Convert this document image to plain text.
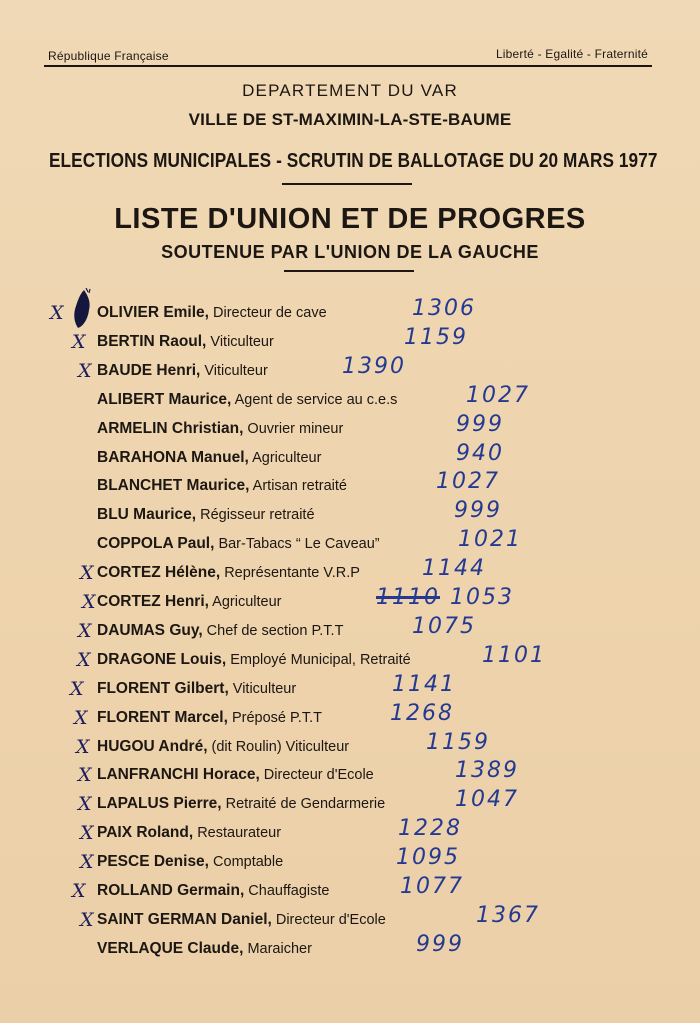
République Française	Liberté - Egalité - Fraternité
DEPARTEMENT DU VAR
VILLE DE ST-MAXIMIN-LA-STE-BAUME
ELECTIONS MUNICIPALES - SCRUTIN DE BALLOTAGE DU 20 MARS 1977
LISTE D'UNION ET DE PROGRES
SOUTENUE PAR L'UNION DE LA GAUCHE
X OLIVIER Emile, Directeur de cave	1306
X BERTIN Raoul, Viticulteur	1159
X BAUDE Henri, Viticulteur	1390
ALIBERT Maurice, Agent de service au c.e.s	1027
ARMELIN Christian, Ouvrier mineur	999
BARAHONA Manuel, Agriculteur	940
BLANCHET Maurice, Artisan retraité	1027
BLU Maurice, Régisseur retraité	999
COPPOLA Paul, Bar-Tabacs “ Le Caveau”	1021
X CORTEZ Hélène, Représentante V.R.P	1144
X CORTEZ Henri, Agriculteur	1110 1053
X DAUMAS Guy, Chef de section P.T.T	1075
X DRAGONE Louis, Employé Municipal, Retraité	1101
X FLORENT Gilbert, Viticulteur	1141
X FLORENT Marcel, Préposé P.T.T	1268
X HUGOU André, (dit Roulin) Viticulteur	1159
X LANFRANCHI Horace, Directeur d'Ecole	1389
X LAPALUS Pierre, Retraité de Gendarmerie	1047
X PAIX Roland, Restaurateur	1228
X PESCE Denise, Comptable	1095
X ROLLAND Germain, Chauffagiste	1077
X SAINT GERMAN Daniel, Directeur d'Ecole	1367
VERLAQUE Claude, Maraicher	999
